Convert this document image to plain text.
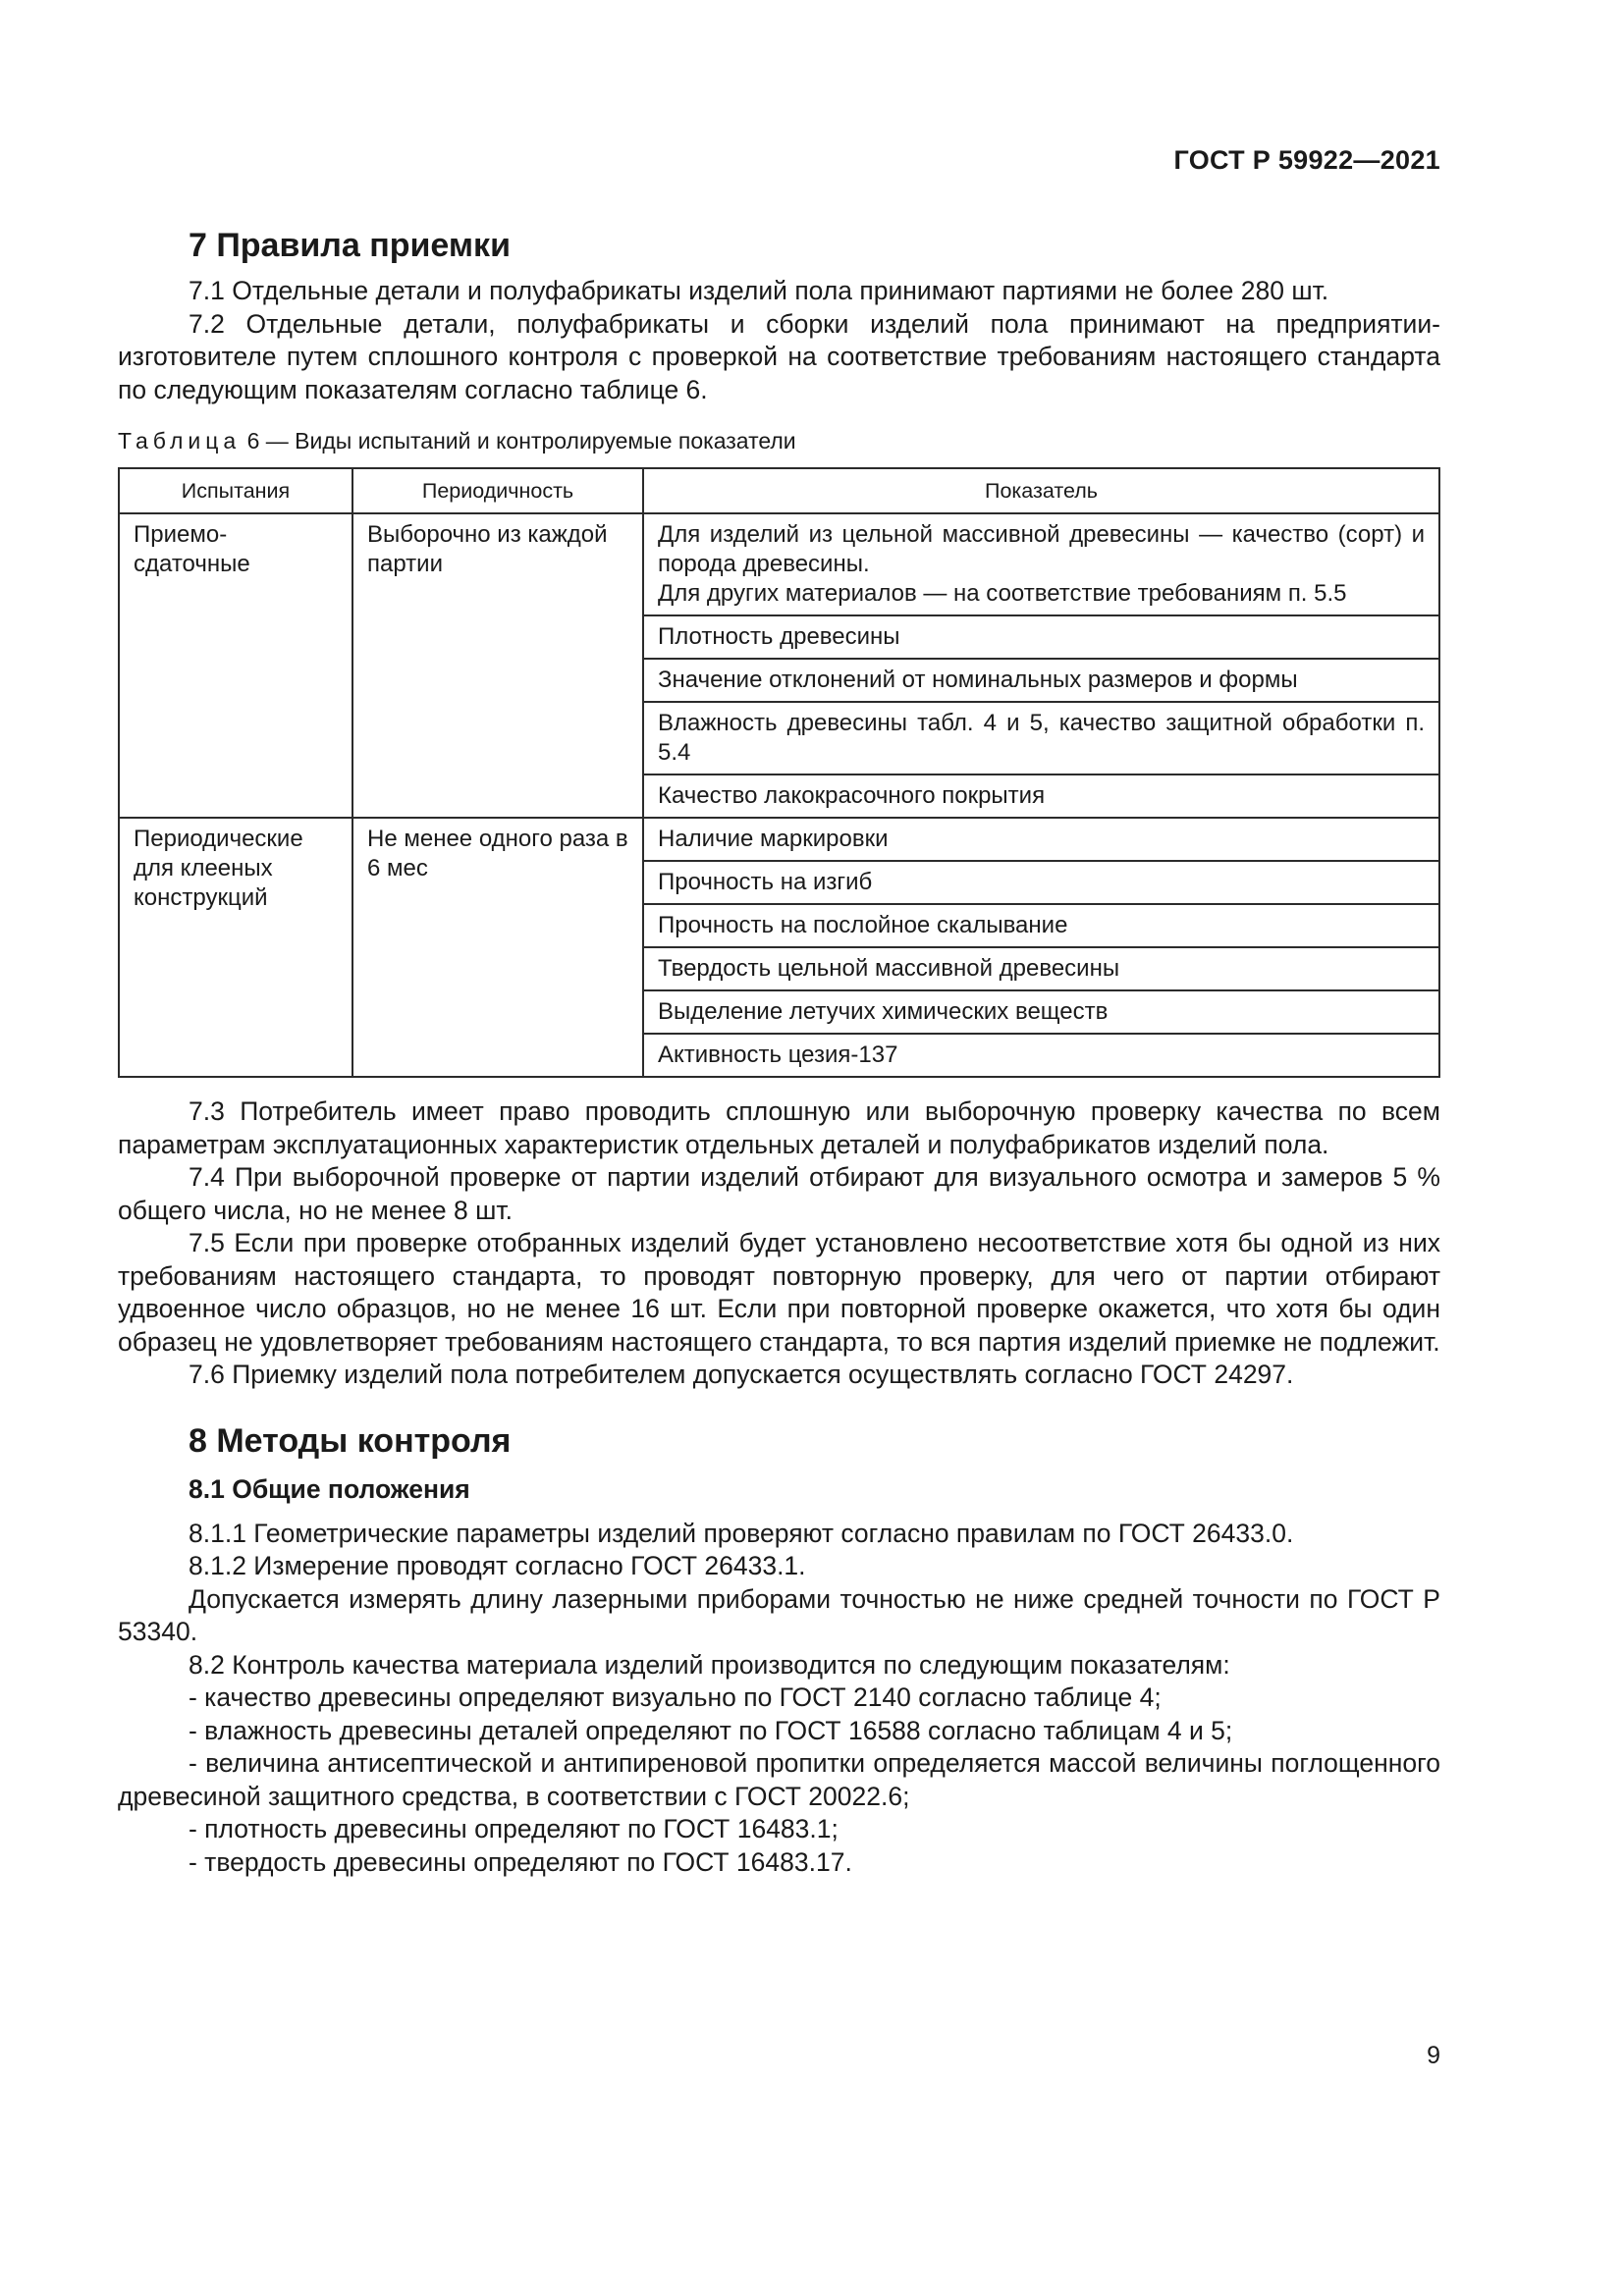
ГОСТ Р 59922—2021
7 Правила приемки

7.1 Отдельные детали и полуфабрикаты изделий пола принимают партиями не более 280 шт.

7.2 Отдельные детали, полуфабрикаты и сборки изделий пола принимают на предприятии-изготовителе путем сплошного контроля с проверкой на соответствие требованиям настоящего стандарта по следующим показателям согласно таблице 6.

Таблица 6 — Виды испытаний и контролируемые показатели
Испытания	Периодичность	Показатель
Приемо-сдаточные	Выборочно из каждой партии	Для изделий из цельной массивной древесины — качество (сорт) и порода древесины.
Для других материалов — на соответствие требованиям п. 5.5

		Плотность древесины
		Значение отклонений от номинальных размеров и формы
		Влажность древесины табл. 4 и 5, качество защитной обработки п. 5.4
		Качество лакокрасочного покрытия
Периодические для клееных конструкций	Не менее одного раза в 6 мес	Наличие маркировки
		Прочность на изгиб
		Прочность на послойное скалывание
		Твердость цельной массивной древесины
		Выделение летучих химических веществ
		Активность цезия-137

7.3 Потребитель имеет право проводить сплошную или выборочную проверку качества по всем параметрам эксплуатационных характеристик отдельных деталей и полуфабрикатов изделий пола.

7.4 При выборочной проверке от партии изделий отбирают для визуального осмотра и замеров 5 % общего числа, но не менее 8 шт.

7.5 Если при проверке отобранных изделий будет установлено несоответствие хотя бы одной из них требованиям настоящего стандарта, то проводят повторную проверку, для чего от партии отбирают удвоенное число образцов, но не менее 16 шт. Если при повторной проверке окажется, что хотя бы один образец не удовлетворяет требованиям настоящего стандарта, то вся партия изделий приемке не подлежит.

7.6 Приемку изделий пола потребителем допускается осуществлять согласно ГОСТ 24297.

8 Методы контроля
8.1 Общие положения

8.1.1 Геометрические параметры изделий проверяют согласно правилам по ГОСТ 26433.0.

8.1.2 Измерение проводят согласно ГОСТ 26433.1.

Допускается измерять длину лазерными приборами точностью не ниже средней точности по ГОСТ Р 53340.

8.2 Контроль качества материала изделий производится по следующим показателям:

- качество древесины определяют визуально по ГОСТ 2140 согласно таблице 4;

- влажность древесины деталей определяют по ГОСТ 16588 согласно таблицам 4 и 5;

- величина антисептической и антипиреновой пропитки определяется массой величины поглощенного древесиной защитного средства, в соответствии с ГОСТ 20022.6;

- плотность древесины определяют по ГОСТ 16483.1;

- твердость древесины определяют по ГОСТ 16483.17.

9
